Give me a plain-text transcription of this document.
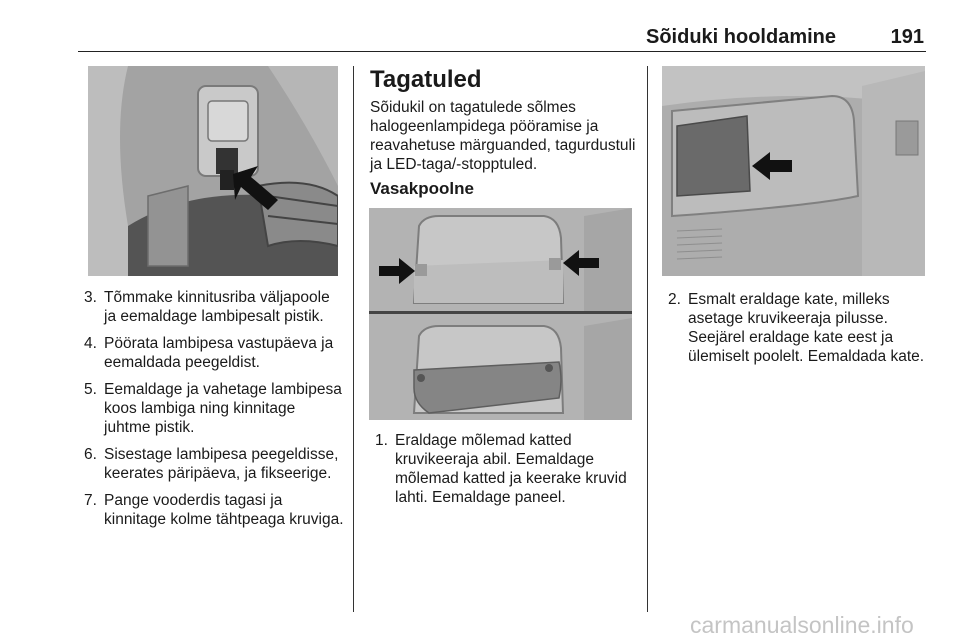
Sõiduki hooldamine	191
3. Tõmmake kinnitusriba väljapoole ja eemaldage lambipesalt pistik.
4. Pöörata lambipesa vastupäeva ja eemaldada peegeldist.
5. Eemaldage ja vahetage lambipesa koos lambiga ning kinnitage juhtme pistik.
6. Sisestage lambipesa peegeldisse, keerates päripäeva, ja fikseerige.
7. Pange vooderdis tagasi ja kinnitage kolme tähtpeaga kruviga.
Tagatuled
Sõidukil on tagatulede sõlmes halogeenlampidega pööramise ja reavahetuse märguanded, tagurdustuli ja LED-taga/-stopptuled.
Vasakpoolne
1. Eraldage mõlemad katted kruvikeeraja abil. Eemaldage mõlemad katted ja keerake kruvid lahti. Eemaldage paneel.
2. Esmalt eraldage kate, milleks asetage kruvikeeraja pilusse. Seejärel eraldage kate eest ja ülemiselt poolelt. Eemaldada kate.
carmanualsonline.info
